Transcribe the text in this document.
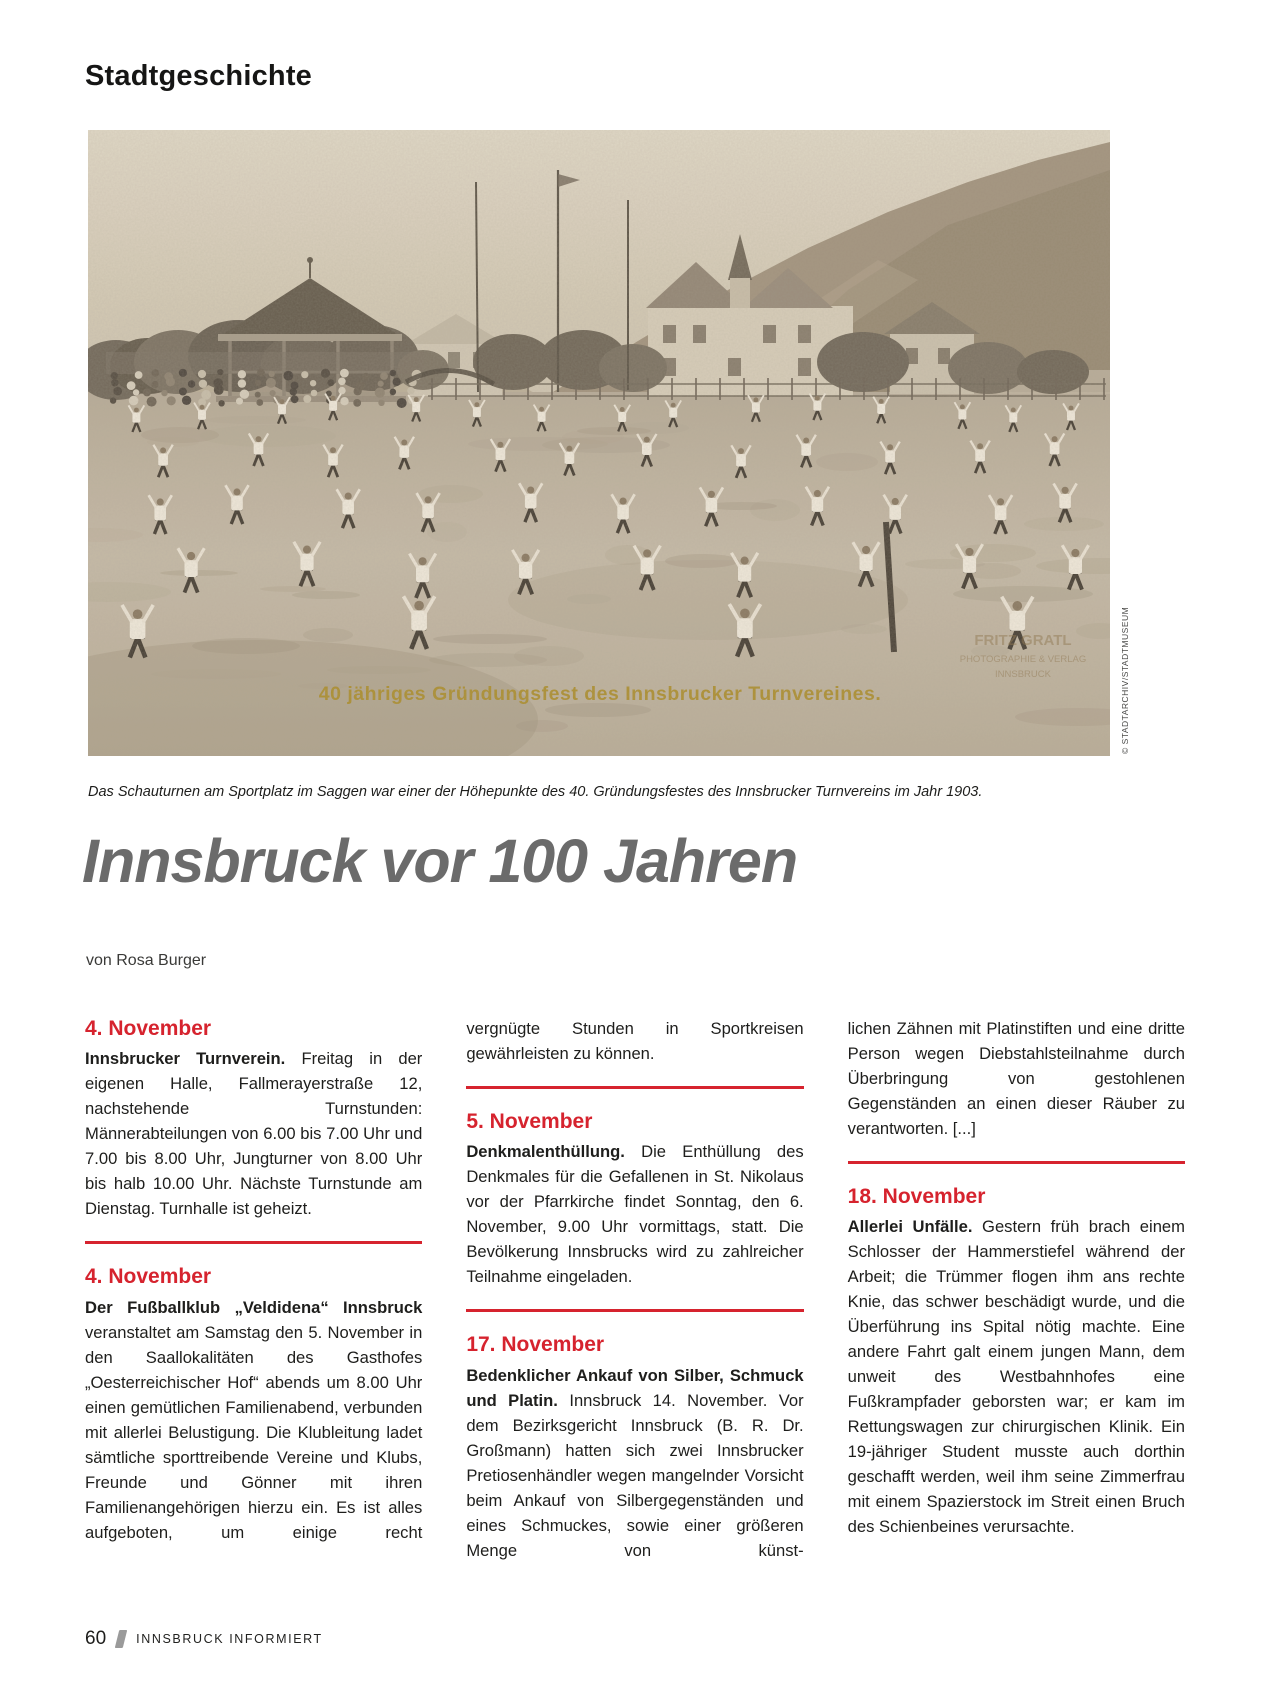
Stadtgeschichte
40 jähriges Gründungsfest des Innsbrucker Turnvereines.
FRITZ GRATL
PHOTOGRAPHIE & VERLAG
INNSBRUCK	© STADTARCHIV/STADTMUSEUM

Das Schauturnen am Sportplatz im Saggen war einer der Höhepunkte des 40. Gründungsfestes des Innsbrucker Turnvereins im Jahr 1903.

Innsbruck vor 100 Jahren
von Rosa Burger
4. November

Innsbrucker Turnverein. Freitag in der eigenen Halle, Fallmerayerstraße 12, nachstehende Turnstunden: Männerabteilungen von 6.00 bis 7.00 Uhr und 7.00 bis 8.00 Uhr, Jungturner von 8.00 Uhr bis halb 10.00 Uhr. Nächste Turnstunde am Dienstag. Turnhalle ist geheizt.

4. November

Der Fußballklub „Veldidena“ Innsbruck veranstaltet am Samstag den 5. November in den Saallokalitäten des Gasthofes „Oesterreichischer Hof“ abends um 8.00 Uhr einen gemütlichen Familienabend, verbunden mit allerlei Belustigung. Die Klubleitung ladet sämtliche sporttreibende Vereine und Klubs, Freunde und Gönner mit ihren Familienangehörigen hierzu ein. Es ist alles aufgeboten, um einige recht

vergnügte Stunden in Sportkreisen gewährleisten zu können.

5. November

Denkmalenthüllung. Die Enthüllung des Denkmales für die Gefallenen in St. Nikolaus vor der Pfarrkirche findet Sonntag, den 6. November, 9.00 Uhr vormittags, statt. Die Bevölkerung Innsbrucks wird zu zahlreicher Teilnahme eingeladen.

17. November

Bedenklicher Ankauf von Silber, Schmuck und Platin. Innsbruck 14. November. Vor dem Bezirksgericht Innsbruck (B. R. Dr. Großmann) hatten sich zwei Innsbrucker Pretiosenhändler wegen mangelnder Vorsicht beim Ankauf von Silbergegenständen und eines Schmuckes, sowie einer größeren Menge von künst-

lichen Zähnen mit Platinstiften und eine dritte Person wegen Diebstahlsteilnahme durch Überbringung von gestohlenen Gegenständen an einen dieser Räuber zu verantworten. [...]

18. November

Allerlei Unfälle. Gestern früh brach einem Schlosser der Hammerstiefel während der Arbeit; die Trümmer flogen ihm ans rechte Knie, das schwer beschädigt wurde, und die Überführung ins Spital nötig machte. Eine andere Fahrt galt einem jungen Mann, dem unweit des Westbahnhofes eine Fußkrampfader geborsten war; er kam im Rettungswagen zur chirurgischen Klinik. Ein 19-jähriger Student musste auch dorthin geschafft werden, weil ihm seine Zimmerfrau mit einem Spazierstock im Streit einen Bruch des Schienbeines verursachte.

60 INNSBRUCK INFORMIERT
